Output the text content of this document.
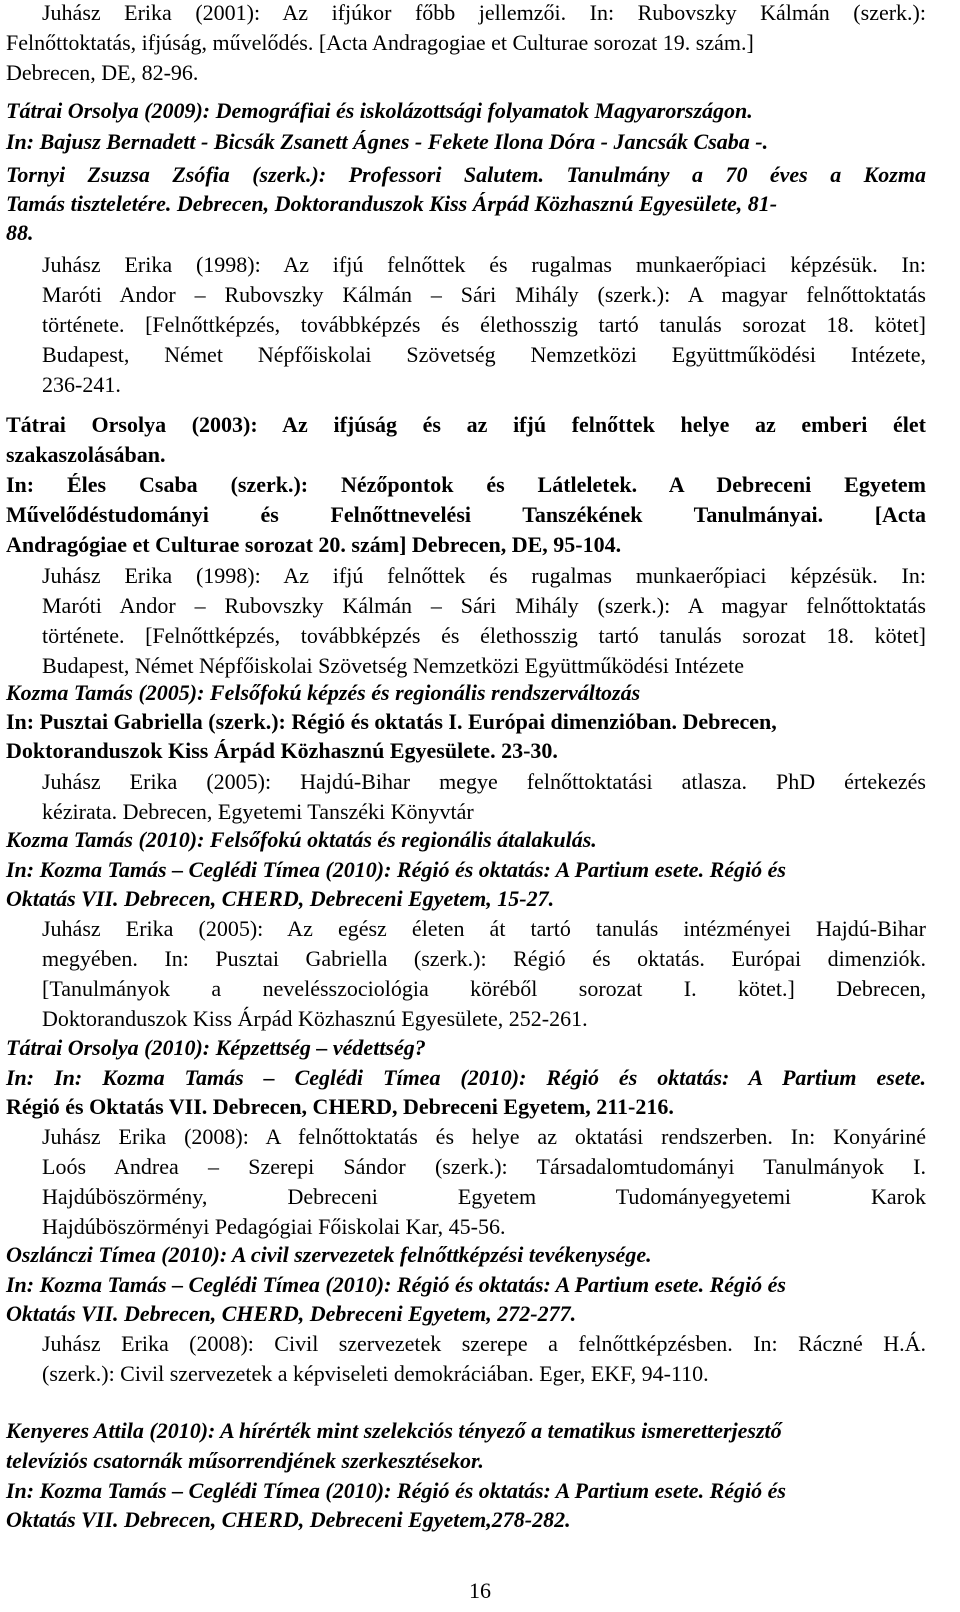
Juhász Erika (2001): Az ifjúkor főbb jellemzői. In: Rubovszky Kálmán (szerk.):
Felnőttoktatás, ifjúság, művelődés. [Acta Andragogiae et Culturae sorozat 19. szám.]
Debrecen, DE, 82-96.
Tátrai Orsolya (2009): Demográfiai és iskolázottsági folyamatok Magyarországon.
In: Bajusz Bernadett - Bicsák Zsanett Ágnes - Fekete Ilona Dóra - Jancsák Csaba -.
Tornyi Zsuzsa Zsófia (szerk.): Professori Salutem. Tanulmány a 70 éves a Kozma
Tamás tiszteletére. Debrecen, Doktoranduszok Kiss Árpád Közhasznú Egyesülete, 81-
88.
Juhász Erika (1998): Az ifjú felnőttek és rugalmas munkaerőpiaci képzésük. In:
Maróti Andor – Rubovszky Kálmán – Sári Mihály (szerk.): A magyar felnőttoktatás
története. [Felnőttképzés, továbbképzés és élethosszig tartó tanulás sorozat 18. kötet]
Budapest, Német Népfőiskolai Szövetség Nemzetközi Együttműködési Intézete,
236-241.
Tátrai Orsolya (2003): Az ifjúság és az ifjú felnőttek helye az emberi élet
szakaszolásában.
In: Éles Csaba (szerk.): Nézőpontok és Látleletek. A Debreceni Egyetem
Művelődéstudományi és Felnőttnevelési Tanszékének Tanulmányai. [Acta
Andragógiae et Culturae sorozat 20. szám] Debrecen, DE, 95-104.
Juhász Erika (1998): Az ifjú felnőttek és rugalmas munkaerőpiaci képzésük. In:
Maróti Andor – Rubovszky Kálmán – Sári Mihály (szerk.): A magyar felnőttoktatás
története. [Felnőttképzés, továbbképzés és élethosszig tartó tanulás sorozat 18. kötet]
Budapest, Német Népfőiskolai Szövetség Nemzetközi Együttműködési Intézete
Kozma Tamás (2005): Felsőfokú képzés és regionális rendszerváltozás
In: Pusztai Gabriella (szerk.): Régió és oktatás I. Európai dimenzióban. Debrecen,
Doktoranduszok Kiss Árpád Közhasznú Egyesülete. 23-30.
Juhász Erika (2005): Hajdú-Bihar megye felnőttoktatási atlasza. PhD értekezés
kézirata. Debrecen, Egyetemi Tanszéki Könyvtár
Kozma Tamás (2010): Felsőfokú oktatás és regionális átalakulás.
In: Kozma Tamás – Ceglédi Tímea (2010): Régió és oktatás: A Partium esete. Régió és
Oktatás VII. Debrecen, CHERD, Debreceni Egyetem, 15-27.
Juhász Erika (2005): Az egész életen át tartó tanulás intézményei Hajdú-Bihar
megyében. In: Pusztai Gabriella (szerk.): Régió és oktatás. Európai dimenziók.
[Tanulmányok a nevelésszociológia köréből sorozat I. kötet.] Debrecen,
Doktoranduszok Kiss Árpád Közhasznú Egyesülete, 252-261.
Tátrai Orsolya (2010): Képzettség – védettség?
In: In: Kozma Tamás – Ceglédi Tímea (2010): Régió és oktatás: A Partium esete.
Régió és Oktatás VII. Debrecen, CHERD, Debreceni Egyetem, 211-216.
Juhász Erika (2008): A felnőttoktatás és helye az oktatási rendszerben. In: Konyáriné
Loós Andrea – Szerepi Sándor (szerk.): Társadalomtudományi Tanulmányok I.
Hajdúböszörmény, Debreceni Egyetem Tudományegyetemi Karok
Hajdúböszörményi Pedagógiai Főiskolai Kar, 45-56.
Oszlánczi Tímea (2010): A civil szervezetek felnőttképzési tevékenysége.
In: Kozma Tamás – Ceglédi Tímea (2010): Régió és oktatás: A Partium esete. Régió és
Oktatás VII. Debrecen, CHERD, Debreceni Egyetem, 272-277.
Juhász Erika (2008): Civil szervezetek szerepe a felnőttképzésben. In: Ráczné H.Á.
(szerk.): Civil szervezetek a képviseleti demokráciában. Eger, EKF, 94-110.
Kenyeres Attila (2010): A hírérték mint szelekciós tényező a tematikus ismeretterjesztő
televíziós csatornák műsorrendjének szerkesztésekor.
In: Kozma Tamás – Ceglédi Tímea (2010): Régió és oktatás: A Partium esete. Régió és
Oktatás VII. Debrecen, CHERD, Debreceni Egyetem,278-282.
16
